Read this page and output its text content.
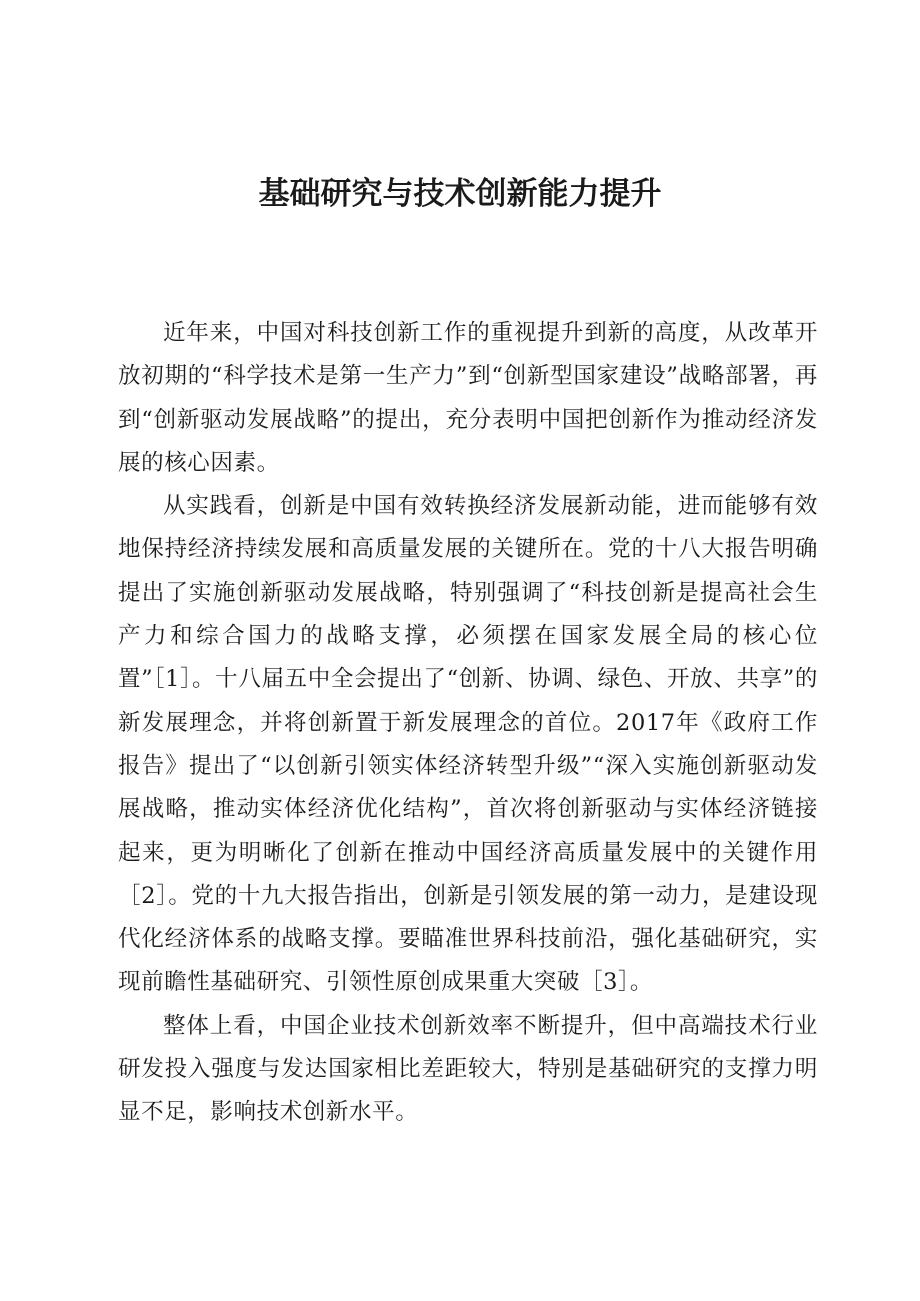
基础研究与技术创新能力提升

近年来，中国对科技创新工作的重视提升到新的高度，从改革开放初期的“科学技术是第一生产力”到“创新型国家建设”战略部署，再到“创新驱动发展战略”的提出，充分表明中国把创新作为推动经济发展的核心因素。

从实践看，创新是中国有效转换经济发展新动能，进而能够有效地保持经济持续发展和高质量发展的关键所在。党的十八大报告明确提出了实施创新驱动发展战略，特别强调了“科技创新是提高社会生产力和综合国力的战略支撑，必须摆在国家发展全局的核心位置”［1］。十八届五中全会提出了“创新、协调、绿色、开放、共享”的新发展理念，并将创新置于新发展理念的首位。2017年《政府工作报告》提出了“以创新引领实体经济转型升级”“深入实施创新驱动发展战略，推动实体经济优化结构”，首次将创新驱动与实体经济链接起来，更为明晰化了创新在推动中国经济高质量发展中的关键作用［2］。党的十九大报告指出，创新是引领发展的第一动力，是建设现代化经济体系的战略支撑。要瞄准世界科技前沿，强化基础研究，实现前瞻性基础研究、引领性原创成果重大突破［3］。

整体上看，中国企业技术创新效率不断提升，但中高端技术行业研发投入强度与发达国家相比差距较大，特别是基础研究的支撑力明显不足，影响技术创新水平。
